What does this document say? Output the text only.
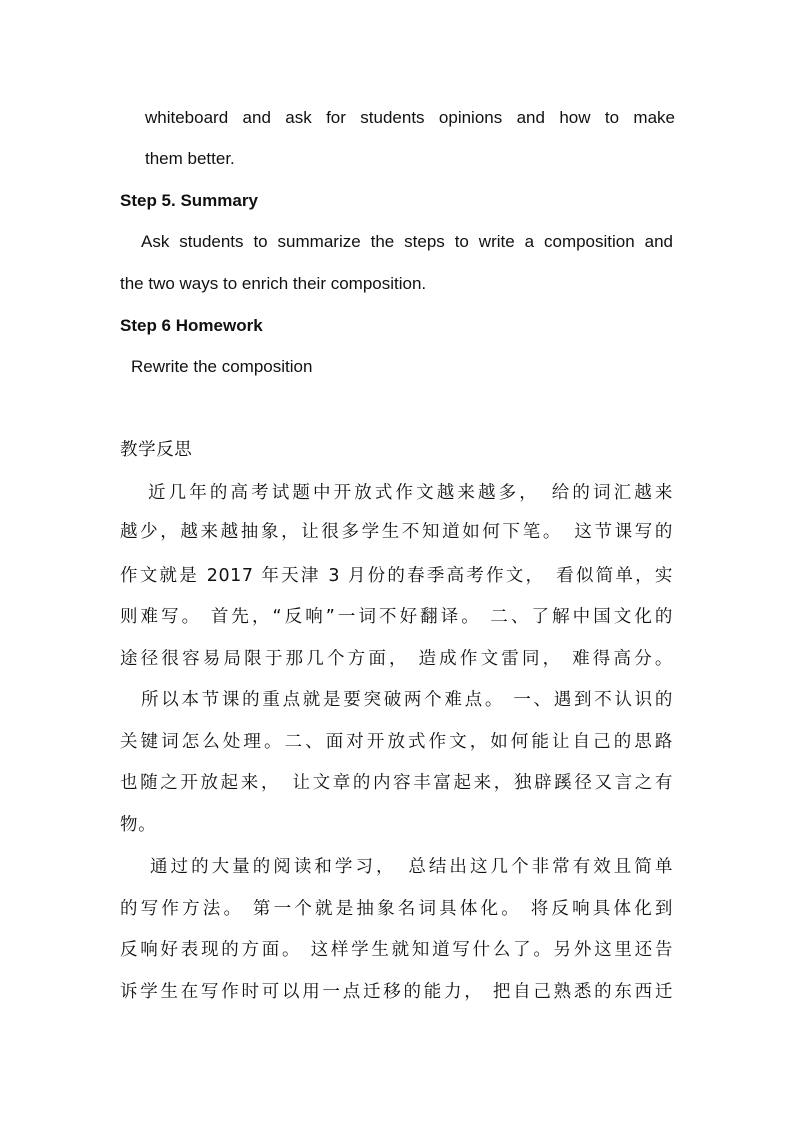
whiteboard and ask for students opinions and how to make
them better.
Step 5. Summary
Ask students to summarize the steps to write a composition and
the two ways to enrich their composition.
Step 6 Homework
Rewrite the composition
教学反思
近几年的高考试题中开放式作文越来越多，　给的词汇越来
越少，越来越抽象，让很多学生不知道如何下笔。　这节课写的
作文就是 2017 年天津 3 月份的春季高考作文，　看似简单，实
则难写。 首先，“反响”一词不好翻译。 二、了解中国文化的
途径很容易局限于那几个方面， 造成作文雷同， 难得高分。
所以本节课的重点就是要突破两个难点。 一、遇到不认识的
关键词怎么处理。二、面对开放式作文，如何能让自己的思路
也随之开放起来，　让文章的内容丰富起来，独辟蹊径又言之有
物。
通过的大量的阅读和学习，　总结出这几个非常有效且简单
的写作方法。 第一个就是抽象名词具体化。 将反响具体化到
反响好表现的方面。 这样学生就知道写什么了。另外这里还告
诉学生在写作时可以用一点迁移的能力， 把自己熟悉的东西迁
